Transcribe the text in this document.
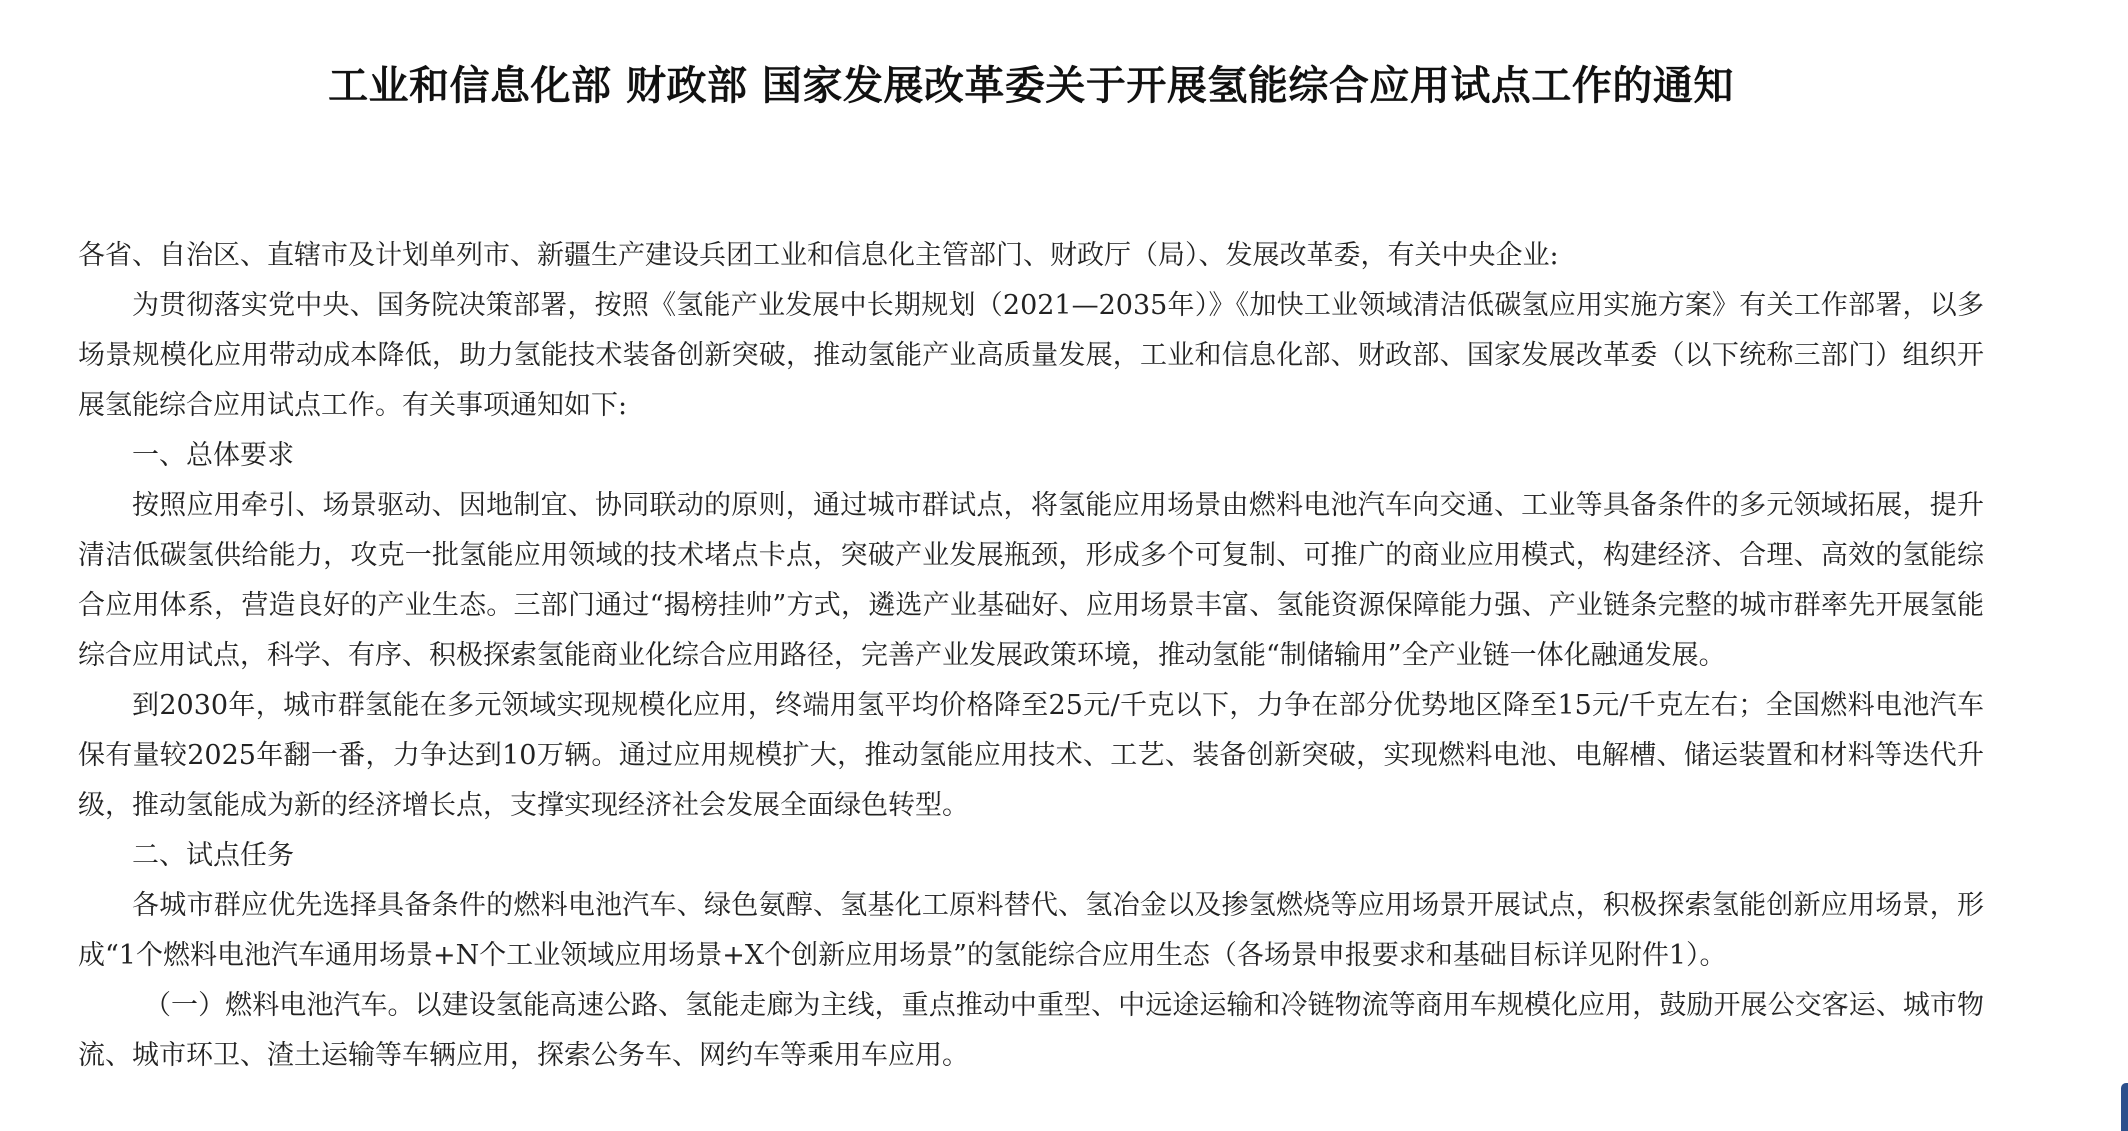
工业和信息化部 财政部 国家发展改革委关于开展氢能综合应用试点工作的通知

各省、自治区、直辖市及计划单列市、新疆生产建设兵团工业和信息化主管部门、财政厅（局）、发展改革委，有关中央企业:

为贯彻落实党中央、国务院决策部署，按照《氢能产业发展中长期规划（2021—2035年）》《加快工业领域清洁低碳氢应用实施方案》有关工作部署，以多场景规模化应用带动成本降低，助力氢能技术装备创新突破，推动氢能产业高质量发展，工业和信息化部、财政部、国家发展改革委（以下统称三部门）组织开展氢能综合应用试点工作。有关事项通知如下:

一、总体要求

按照应用牵引、场景驱动、因地制宜、协同联动的原则，通过城市群试点，将氢能应用场景由燃料电池汽车向交通、工业等具备条件的多元领域拓展，提升清洁低碳氢供给能力，攻克一批氢能应用领域的技术堵点卡点，突破产业发展瓶颈，形成多个可复制、可推广的商业应用模式，构建经济、合理、高效的氢能综合应用体系，营造良好的产业生态。三部门通过“揭榜挂帅”方式，遴选产业基础好、应用场景丰富、氢能资源保障能力强、产业链条完整的城市群率先开展氢能综合应用试点，科学、有序、积极探索氢能商业化综合应用路径，完善产业发展政策环境，推动氢能“制储输用”全产业链一体化融通发展。

到2030年，城市群氢能在多元领域实现规模化应用，终端用氢平均价格降至25元/千克以下，力争在部分优势地区降至15元/千克左右；全国燃料电池汽车保有量较2025年翻一番，力争达到10万辆。通过应用规模扩大，推动氢能应用技术、工艺、装备创新突破，实现燃料电池、电解槽、储运装置和材料等迭代升级，推动氢能成为新的经济增长点，支撑实现经济社会发展全面绿色转型。

二、试点任务

各城市群应优先选择具备条件的燃料电池汽车、绿色氨醇、氢基化工原料替代、氢冶金以及掺氢燃烧等应用场景开展试点，积极探索氢能创新应用场景，形成“1个燃料电池汽车通用场景+N个工业领域应用场景+X个创新应用场景”的氢能综合应用生态（各场景申报要求和基础目标详见附件1）。

（一）燃料电池汽车。以建设氢能高速公路、氢能走廊为主线，重点推动中重型、中远途运输和冷链物流等商用车规模化应用，鼓励开展公交客运、城市物流、城市环卫、渣土运输等车辆应用，探索公务车、网约车等乘用车应用。
